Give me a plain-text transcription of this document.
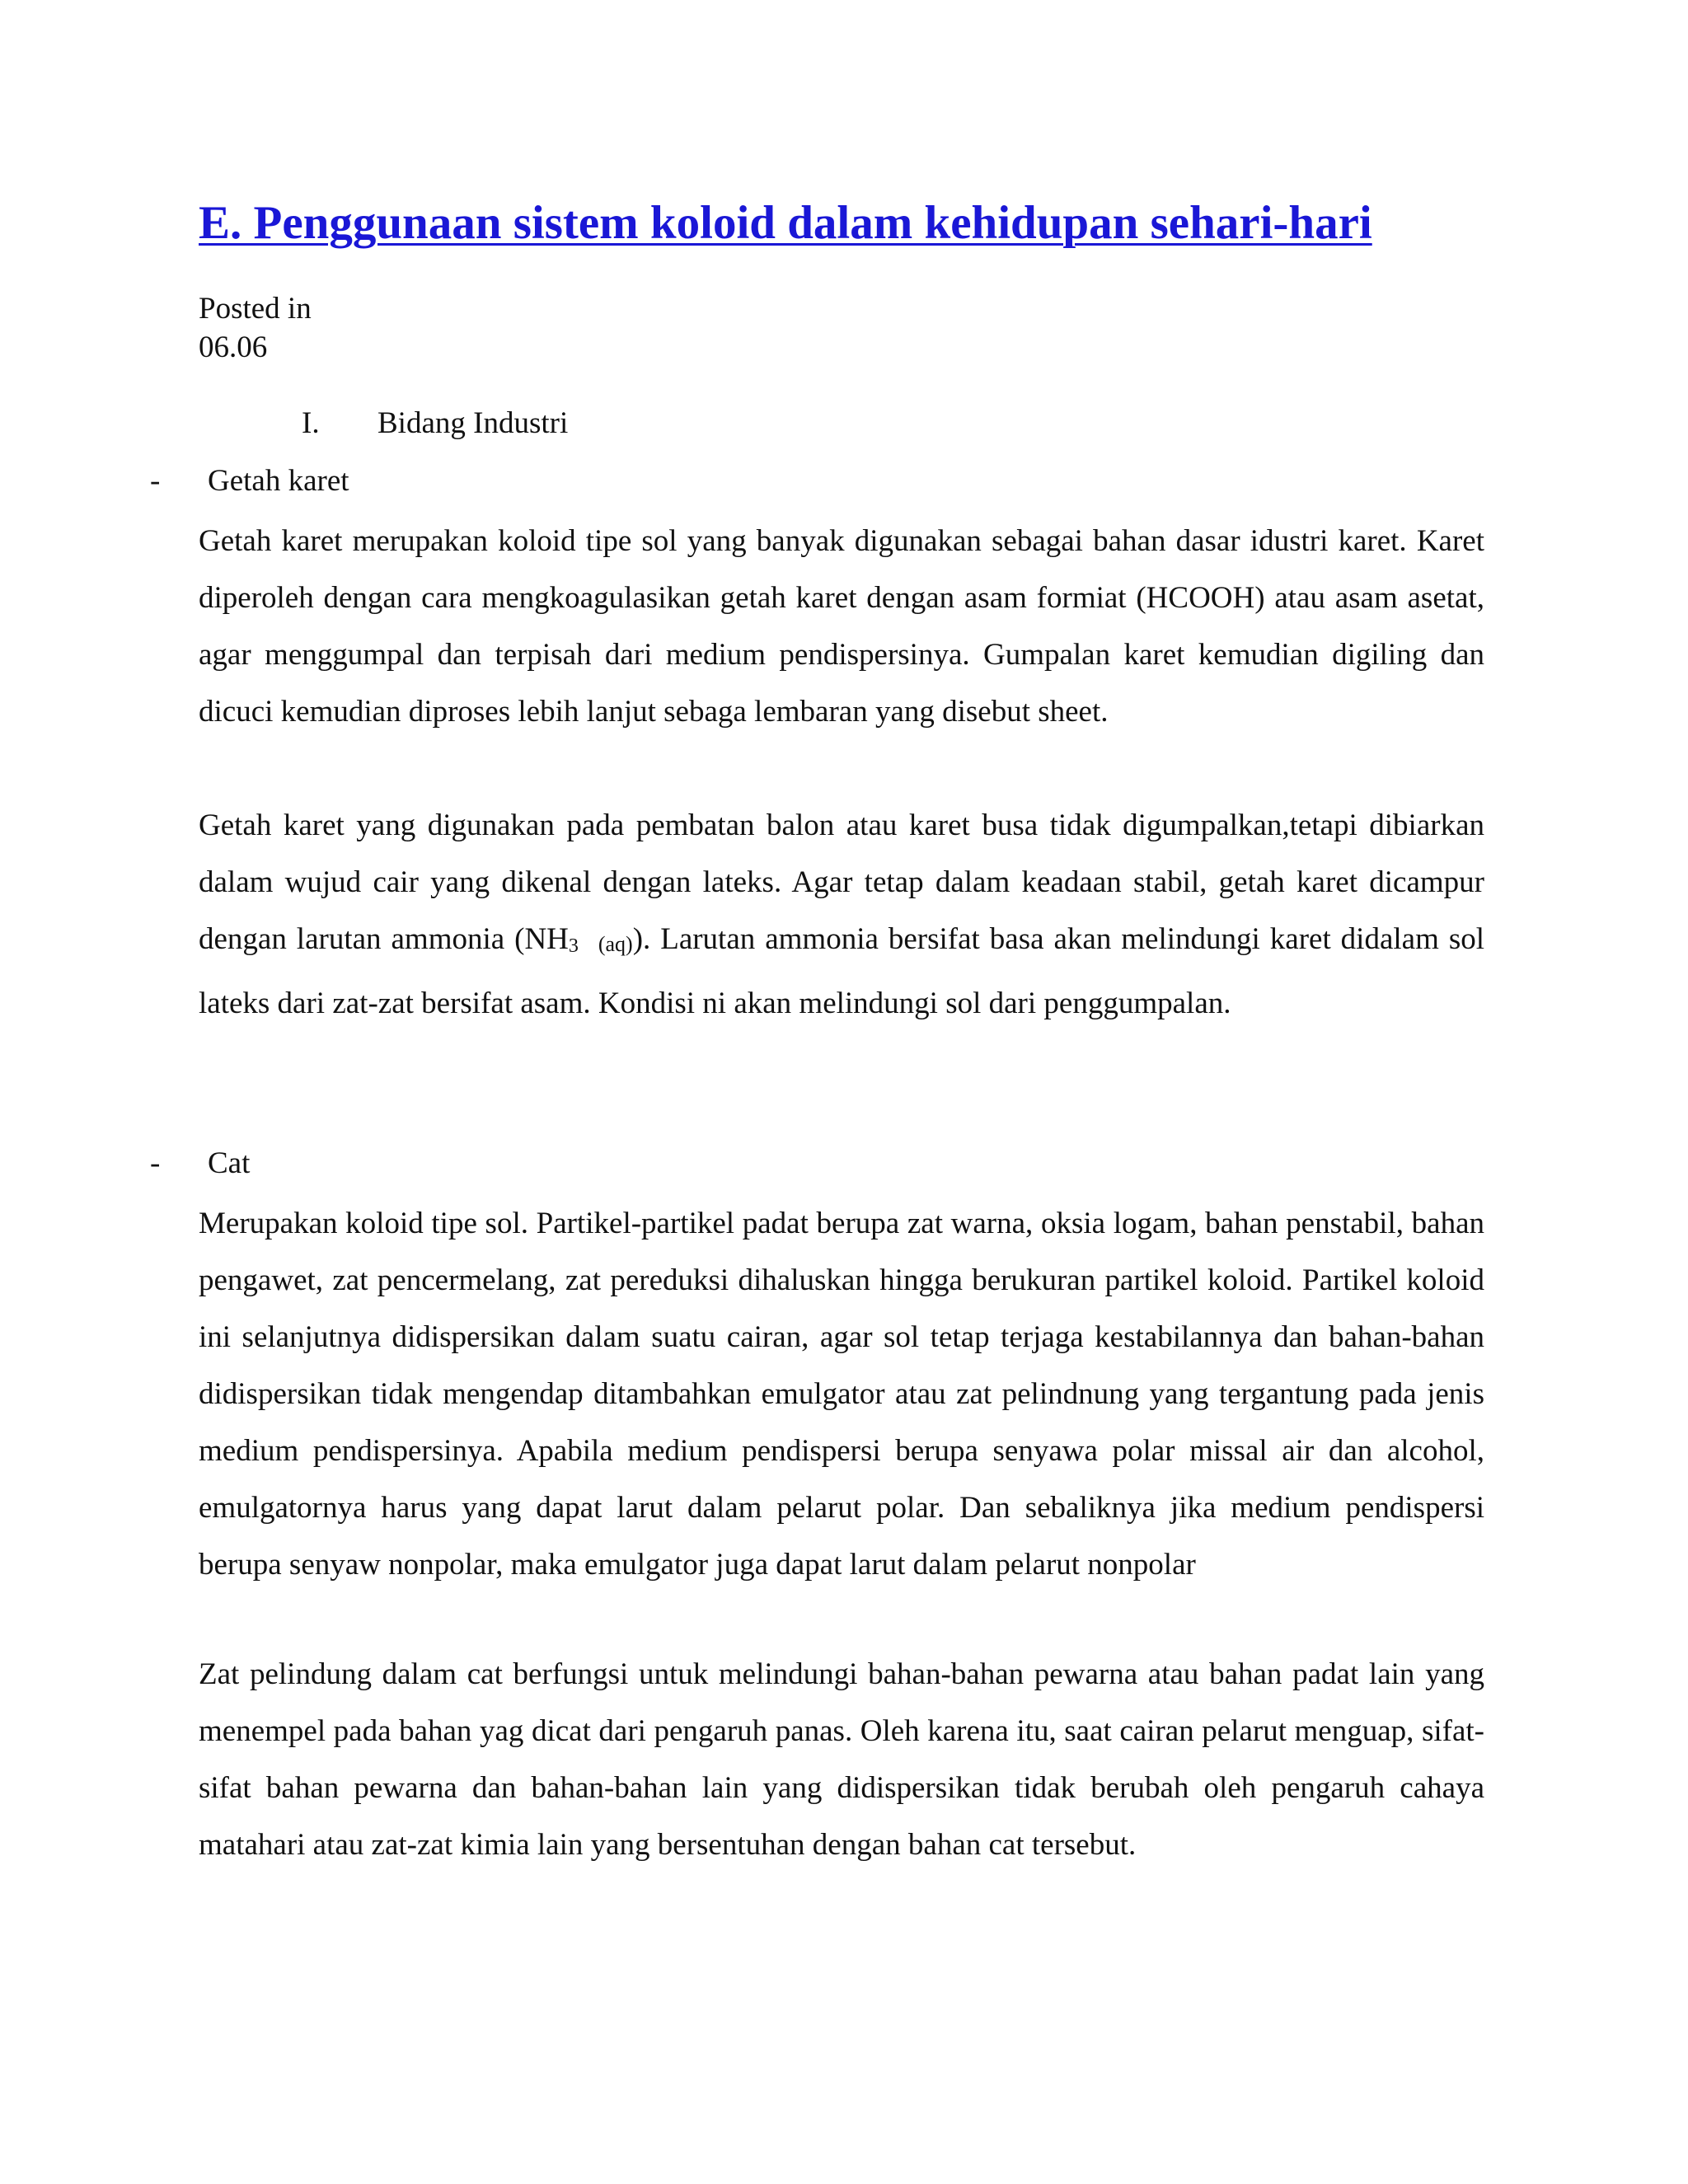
E. Penggunaan sistem koloid dalam kehidupan sehari-hari
Posted in
06.06
I. Bidang Industri
- Getah karet

Getah karet merupakan koloid tipe sol yang banyak digunakan sebagai bahan dasar idustri karet. Karet diperoleh dengan cara mengkoagulasikan getah karet dengan asam formiat (HCOOH) atau asam asetat, agar menggumpal dan terpisah dari medium pendispersinya. Gumpalan karet kemudian digiling dan dicuci kemudian diproses lebih lanjut sebaga lembaran yang disebut sheet.

Getah karet yang digunakan pada pembatan balon atau karet busa tidak digumpalkan,tetapi dibiarkan dalam wujud cair yang dikenal dengan lateks. Agar tetap dalam keadaan stabil, getah karet dicampur dengan larutan ammonia (NH3 (aq)). Larutan ammonia bersifat basa akan melindungi karet didalam sol lateks dari zat-zat bersifat asam. Kondisi ni akan melindungi sol dari penggumpalan.

- Cat

Merupakan koloid tipe sol. Partikel-partikel padat berupa zat warna, oksia logam, bahan penstabil, bahan pengawet, zat pencermelang, zat pereduksi dihaluskan hingga berukuran partikel koloid. Partikel koloid ini selanjutnya didispersikan dalam suatu cairan, agar sol tetap terjaga kestabilannya dan bahan-bahan didispersikan tidak mengendap ditambahkan emulgator atau zat pelindnung yang tergantung pada jenis medium pendispersinya. Apabila medium pendispersi berupa senyawa polar missal air dan alcohol, emulgatornya harus yang dapat larut dalam pelarut polar. Dan sebaliknya jika medium pendispersi berupa senyaw nonpolar, maka emulgator juga dapat larut dalam pelarut nonpolar

Zat pelindung dalam cat berfungsi untuk melindungi bahan-bahan pewarna atau bahan padat lain yang menempel pada bahan yag dicat dari pengaruh panas. Oleh karena itu, saat cairan pelarut menguap, sifat-sifat bahan pewarna dan bahan-bahan lain yang didispersikan tidak berubah oleh pengaruh cahaya matahari atau zat-zat kimia lain yang bersentuhan dengan bahan cat tersebut.
